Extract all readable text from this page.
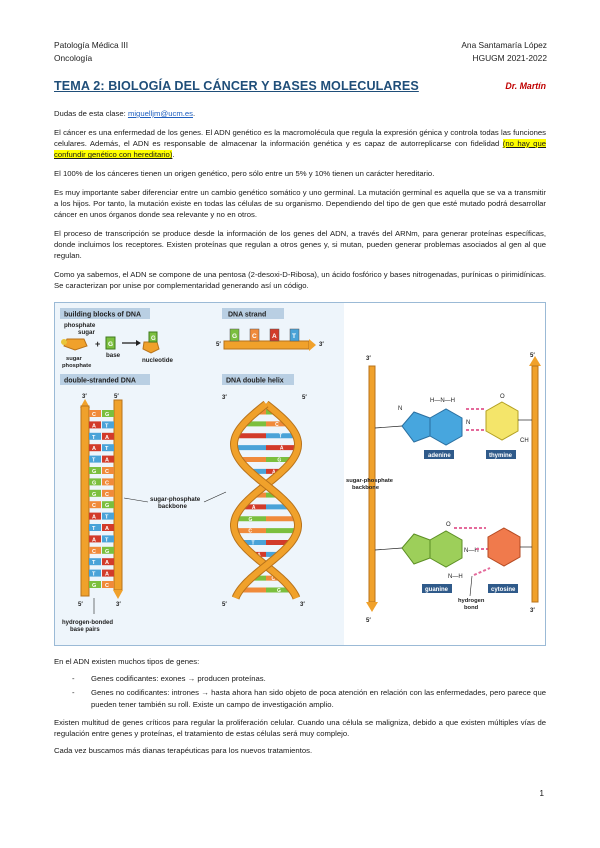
Patología Médica III
Oncología
Ana Santamaría López
HGUGM 2021-2022
TEMA 2: BIOLOGÍA DEL CÁNCER Y BASES MOLECULARES	Dr. Martín

Dudas de esta clase: miguelljm@ucm.es.

El cáncer es una enfermedad de los genes. El ADN genético es la macromolécula que regula la expresión génica y controla todas las funciones celulares. Además, el ADN es responsable de almacenar la información genética y es capaz de autorreplicarse con fidelidad (no hay que confundir genético con hereditario).

El 100% de los cánceres tienen un origen genético, pero sólo entre un 5% y 10% tienen un carácter hereditario.

Es muy importante saber diferenciar entre un cambio genético somático y uno germinal. La mutación germinal es aquella que se va a transmitir a los hijos. Por tanto, la mutación existe en todas las células de su organismo. Dependiendo del tipo de gen que esté mutado podrá desarrollar cáncer en unos órganos donde sea relevante y no en otros.

El proceso de transcripción se produce desde la información de los genes del ADN, a través del ARNm, para generar proteínas específicas, donde incluimos los receptores. Existen proteínas que regulan a otros genes y, si mutan, pueden generar problemas asociados al gen al que regulan.

Como ya sabemos, el ADN se compone de una pentosa (2-desoxi-D-Ribosa), un ácido fosfórico y bases nitrogenadas, purínicas o pirimidínicas. Se caracterizan por unise por complementaridad generando así un código.

building blocks of DNA
phosphate
sugar
sugar phosphate
+ G
base
G
nucleotide
DNA strand
5′	3′
G C A T
double-stranded DNA
3′	5′
C G
A T
T A
A T
T A
G C
G C
G C
C G
A T
T A
A T
C G
T A
T A
G C
5′	3′
hydrogen-bonded base pairs
sugar-phosphate backbone
DNA double helix
C
T
A
G
A
A
G
C
T
A
C
G
3′	5′
5′	3′
3′
5′
5′
3′
H—N—H
N
N
adenine
O
CH
thymine
O
N—H
N—H
guanine	cytosine
hydrogen bond
sugar-phosphate backbone

En el ADN existen muchos tipos de genes:

- Genes codificantes: exones → producen proteínas.
- Genes no codificantes: intrones → hasta ahora han sido objeto de poca atención en relación con las enfermedades, pero parece que pueden tener también su roll. Existe un campo de investigación amplio.

Existen multitud de genes críticos para regular la proliferación celular. Cuando una célula se maligniza, debido a que existen múltiples vías de regulación entre genes y proteínas, el tratamiento de estas células será muy complejo.

Cada vez buscamos más dianas terapéuticas para los nuevos tratamientos.

1
